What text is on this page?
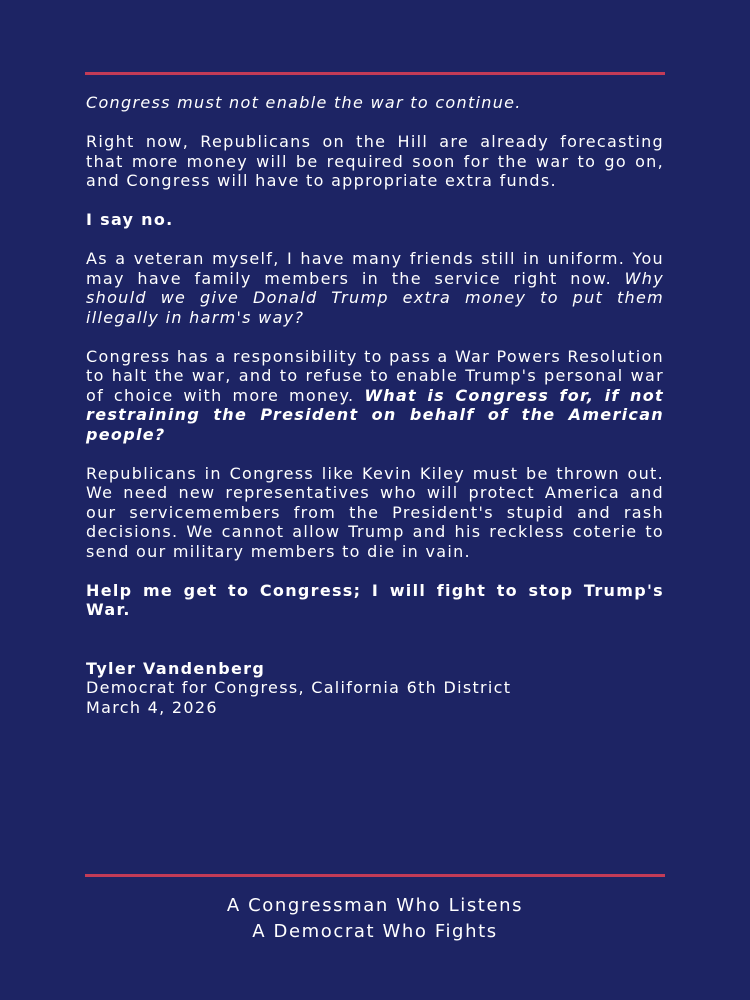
Congress must not enable the war to continue.

Right now, Republicans on the Hill are already forecasting that more money will be required soon for the war to go on, and Congress will have to appropriate extra funds.

I say no.

As a veteran myself, I have many friends still in uniform. You may have family members in the service right now. Why should we give Donald Trump extra money to put them illegally in harm's way?

Congress has a responsibility to pass a War Powers Resolution to halt the war, and to refuse to enable Trump's personal war of choice with more money. What is Congress for, if not restraining the President on behalf of the American people?

Republicans in Congress like Kevin Kiley must be thrown out. We need new representatives who will protect America and our servicemembers from the President's stupid and rash decisions. We cannot allow Trump and his reckless coterie to send our military members to die in vain.

Help me get to Congress; I will fight to stop Trump's War.

Tyler Vandenberg
Democrat for Congress, California 6th District
March 4, 2026
A Congressman Who Listens
A Democrat Who Fights
